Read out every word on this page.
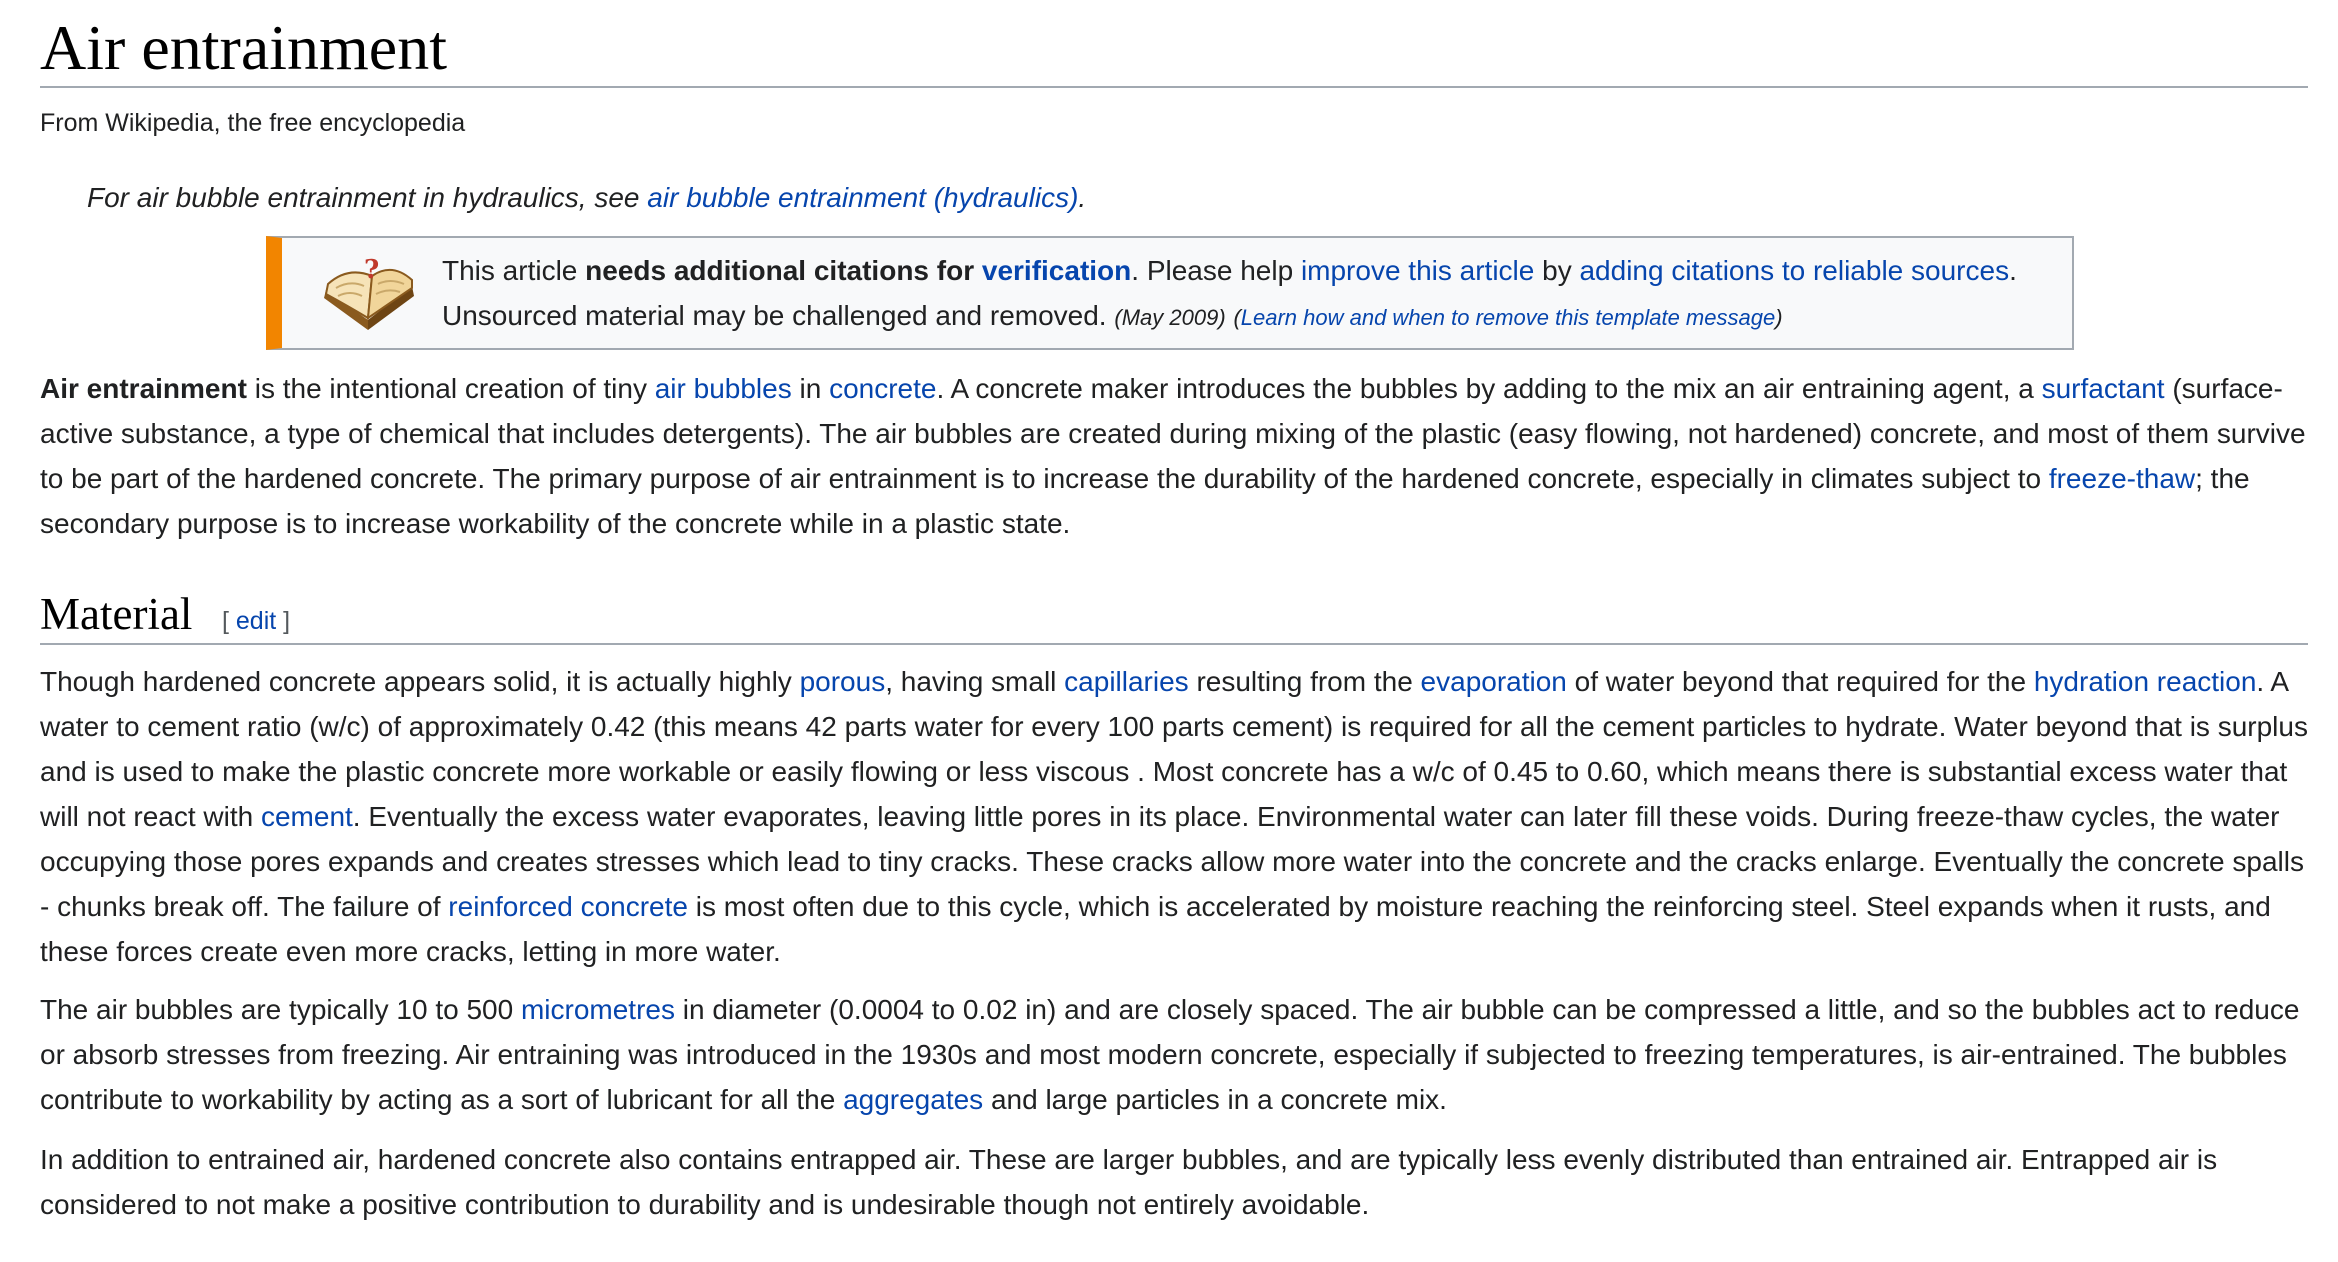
Air entrainment
From Wikipedia, the free encyclopedia
For air bubble entrainment in hydraulics, see air bubble entrainment (hydraulics).
? This article needs additional citations for verification. Please help improve this article by adding citations to reliable sources.
Unsourced material may be challenged and removed. (May 2009) (Learn how and when to remove this template message)

Air entrainment is the intentional creation of tiny air bubbles in concrete. A concrete maker introduces the bubbles by adding to the mix an air entraining agent, a surfactant (surface-active substance, a type of chemical that includes detergents). The air bubbles are created during mixing of the plastic (easy flowing, not hardened) concrete, and most of them survive to be part of the hardened concrete. The primary purpose of air entrainment is to increase the durability of the hardened concrete, especially in climates subject to freeze-thaw; the secondary purpose is to increase workability of the concrete while in a plastic state.

Material [ edit ]

Though hardened concrete appears solid, it is actually highly porous, having small capillaries resulting from the evaporation of water beyond that required for the hydration reaction. A water to cement ratio (w/c) of approximately 0.42 (this means 42 parts water for every 100 parts cement) is required for all the cement particles to hydrate. Water beyond that is surplus and is used to make the plastic concrete more workable or easily flowing or less viscous . Most concrete has a w/c of 0.45 to 0.60, which means there is substantial excess water that will not react with cement. Eventually the excess water evaporates, leaving little pores in its place. Environmental water can later fill these voids. During freeze-thaw cycles, the water occupying those pores expands and creates stresses which lead to tiny cracks. These cracks allow more water into the concrete and the cracks enlarge. Eventually the concrete spalls - chunks break off. The failure of reinforced concrete is most often due to this cycle, which is accelerated by moisture reaching the reinforcing steel. Steel expands when it rusts, and these forces create even more cracks, letting in more water.

The air bubbles are typically 10 to 500 micrometres in diameter (0.0004 to 0.02 in) and are closely spaced. The air bubble can be compressed a little, and so the bubbles act to reduce or absorb stresses from freezing. Air entraining was introduced in the 1930s and most modern concrete, especially if subjected to freezing temperatures, is air-entrained. The bubbles contribute to workability by acting as a sort of lubricant for all the aggregates and large particles in a concrete mix.

In addition to entrained air, hardened concrete also contains entrapped air. These are larger bubbles, and are typically less evenly distributed than entrained air. Entrapped air is considered to not make a positive contribution to durability and is undesirable though not entirely avoidable.
